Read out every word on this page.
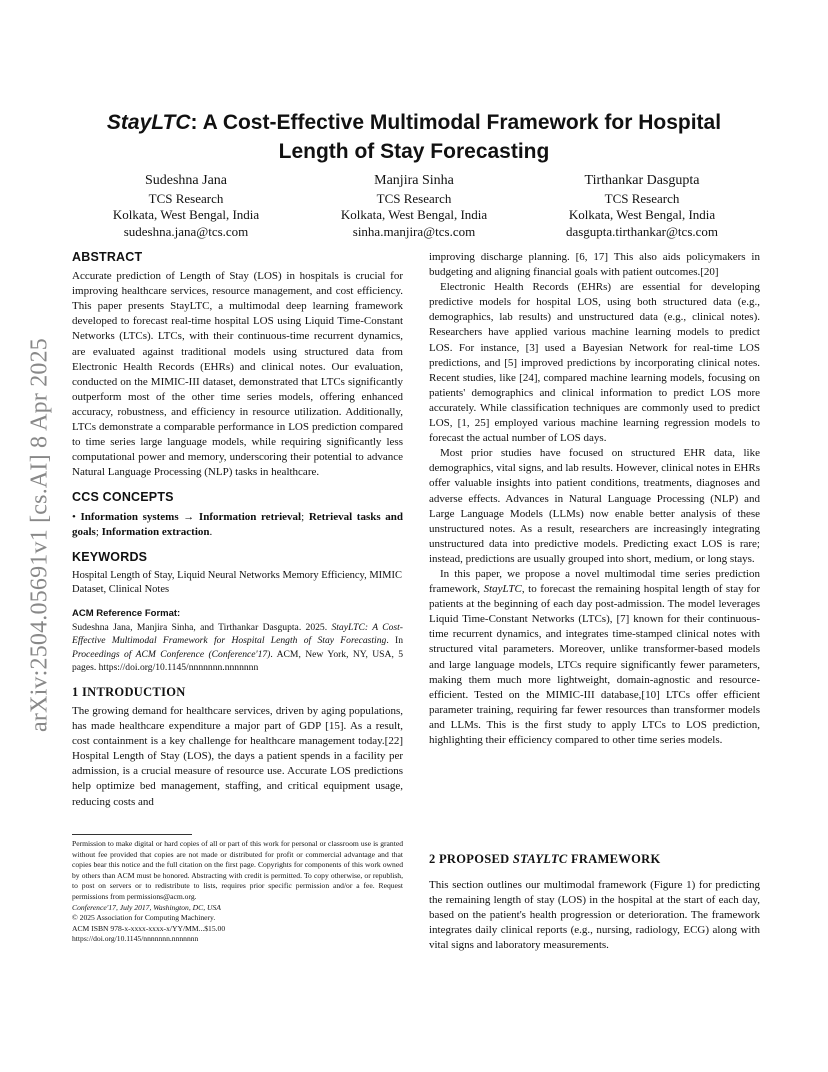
arXiv:2504.05691v1 [cs.AI] 8 Apr 2025
StayLTC: A Cost-Effective Multimodal Framework for Hospital Length of Stay Forecasting
Sudeshna Jana
TCS Research
Kolkata, West Bengal, India
sudeshna.jana@tcs.com
Manjira Sinha
TCS Research
Kolkata, West Bengal, India
sinha.manjira@tcs.com
Tirthankar Dasgupta
TCS Research
Kolkata, West Bengal, India
dasgupta.tirthankar@tcs.com
ABSTRACT

Accurate prediction of Length of Stay (LOS) in hospitals is crucial for improving healthcare services, resource management, and cost efficiency. This paper presents StayLTC, a multimodal deep learning framework developed to forecast real-time hospital LOS using Liquid Time-Constant Networks (LTCs). LTCs, with their continuous-time recurrent dynamics, are evaluated against traditional models using structured data from Electronic Health Records (EHRs) and clinical notes. Our evaluation, conducted on the MIMIC-III dataset, demonstrated that LTCs significantly outperform most of the other time series models, offering enhanced accuracy, robustness, and efficiency in resource utilization. Additionally, LTCs demonstrate a comparable performance in LOS prediction compared to time series large language models, while requiring significantly less computational power and memory, underscoring their potential to advance Natural Language Processing (NLP) tasks in healthcare.

CCS CONCEPTS

• Information systems → Information retrieval; Retrieval tasks and goals; Information extraction.

KEYWORDS

Hospital Length of Stay, Liquid Neural Networks Memory Efficiency, MIMIC Dataset, Clinical Notes

ACM Reference Format:

Sudeshna Jana, Manjira Sinha, and Tirthankar Dasgupta. 2025. StayLTC: A Cost-Effective Multimodal Framework for Hospital Length of Stay Forecasting. In Proceedings of ACM Conference (Conference'17). ACM, New York, NY, USA, 5 pages. https://doi.org/10.1145/nnnnnnn.nnnnnnn

1 INTRODUCTION

The growing demand for healthcare services, driven by aging populations, has made healthcare expenditure a major part of GDP [15]. As a result, cost containment is a key challenge for healthcare management today.[22] Hospital Length of Stay (LOS), the days a patient spends in a facility per admission, is a crucial measure of resource use. Accurate LOS predictions help optimize bed management, staffing, and critical equipment usage, reducing costs and

improving discharge planning. [6, 17] This also aids policymakers in budgeting and aligning financial goals with patient outcomes.[20]

Electronic Health Records (EHRs) are essential for developing predictive models for hospital LOS, using both structured data (e.g., demographics, lab results) and unstructured data (e.g., clinical notes). Researchers have applied various machine learning models to predict LOS. For instance, [3] used a Bayesian Network for real-time LOS predictions, and [5] improved predictions by incorporating clinical notes. Recent studies, like [24], compared machine learning models, focusing on patients' demographics and clinical information to predict LOS more accurately. While classification techniques are commonly used to predict LOS, [1, 25] employed various machine learning regression models to forecast the actual number of LOS days.

Most prior studies have focused on structured EHR data, like demographics, vital signs, and lab results. However, clinical notes in EHRs offer valuable insights into patient conditions, treatments, diagnoses and adverse effects. Advances in Natural Language Processing (NLP) and Large Language Models (LLMs) now enable better analysis of these unstructured notes. As a result, researchers are increasingly integrating unstructured data into predictive models. Predicting exact LOS is rare; instead, predictions are usually grouped into short, medium, or long stays.

In this paper, we propose a novel multimodal time series prediction framework, StayLTC, to forecast the remaining hospital length of stay for patients at the beginning of each day post-admission. The model leverages Liquid Time-Constant Networks (LTCs), [7] known for their continuous-time recurrent dynamics, and integrates time-stamped clinical notes with structured vital parameters. Moreover, unlike transformer-based models and large language models, LTCs require significantly fewer parameters, making them much more lightweight, domain-agnostic and resource-efficient. Tested on the MIMIC-III database,[10] LTCs offer efficient parameter training, requiring far fewer resources than transformer models and LLMs. This is the first study to apply LTCs to LOS prediction, highlighting their efficiency compared to other time series models.

Permission to make digital or hard copies of all or part of this work for personal or classroom use is granted without fee provided that copies are not made or distributed for profit or commercial advantage and that copies bear this notice and the full citation on the first page. Copyrights for components of this work owned by others than ACM must be honored. Abstracting with credit is permitted. To copy otherwise, or republish, to post on servers or to redistribute to lists, requires prior specific permission and/or a fee. Request permissions from permissions@acm.org.

Conference'17, July 2017, Washington, DC, USA

© 2025 Association for Computing Machinery.

ACM ISBN 978-x-xxxx-xxxx-x/YY/MM...$15.00

https://doi.org/10.1145/nnnnnnn.nnnnnnn

2 PROPOSED STAYLTC FRAMEWORK

This section outlines our multimodal framework (Figure 1) for predicting the remaining length of stay (LOS) in the hospital at the start of each day, based on the patient's health progression or deterioration. The framework integrates daily clinical reports (e.g., nursing, radiology, ECG) along with vital signs and laboratory measurements.
